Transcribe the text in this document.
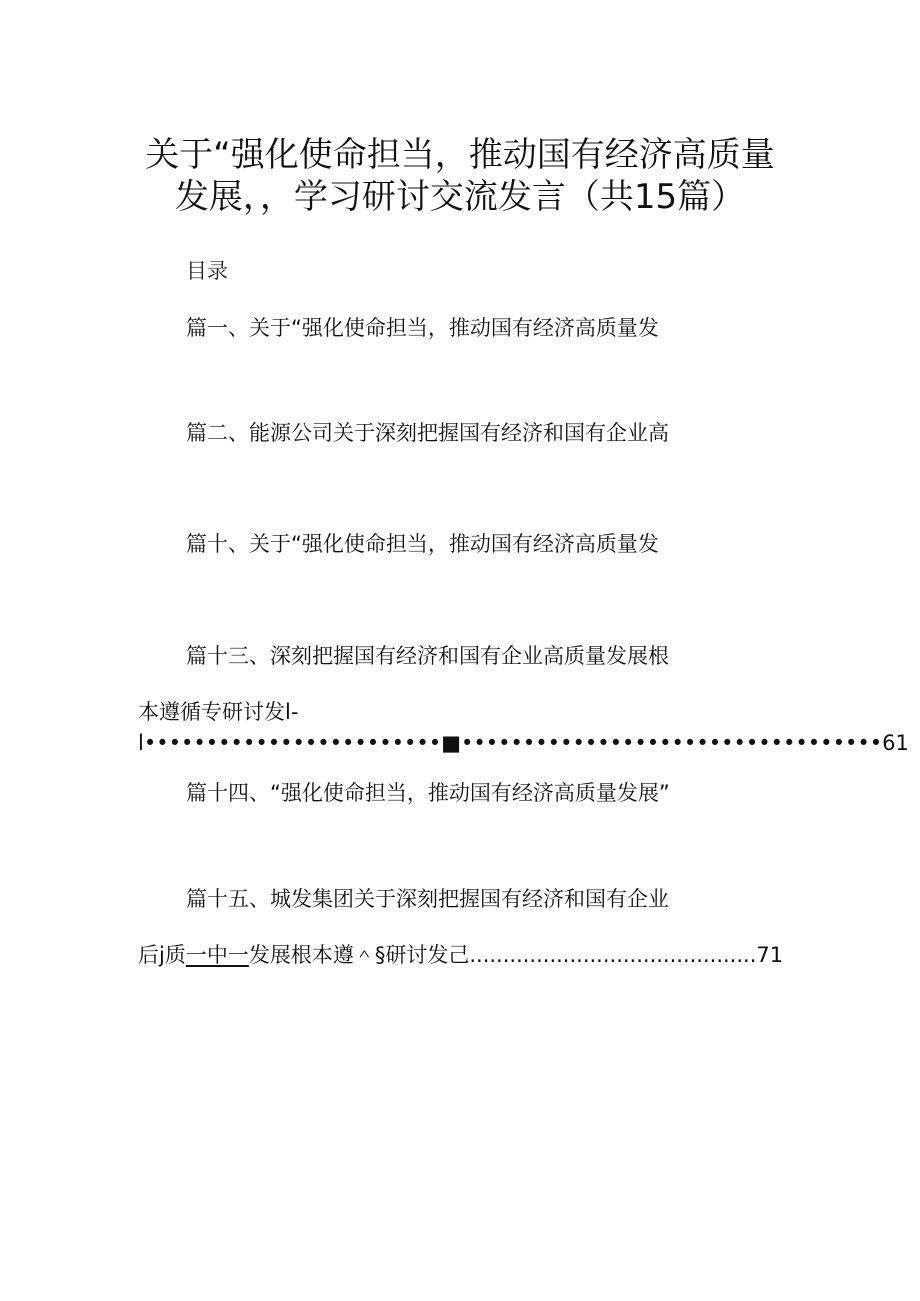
关于“强化使命担当，推动国有经济高质量
发展，，学习研讨交流发言（共15篇）
目录
篇一、关于“强化使命担当，推动国有经济高质量发
篇二、能源公司关于深刻把握国有经济和国有企业高
篇十、关于“强化使命担当，推动国有经济高质量发
篇十三、深刻把握国有经济和国有企业高质量发展根
本遵循专研讨发l-
l••••••••••••••••••••••••■••••••••••••••••••••••••••••••••••61
篇十四、“强化使命担当，推动国有经济高质量发展”
篇十五、城发集团关于深刻把握国有经济和国有企业
后j质一中一发展根本遵＾§研讨发己...........................................71
